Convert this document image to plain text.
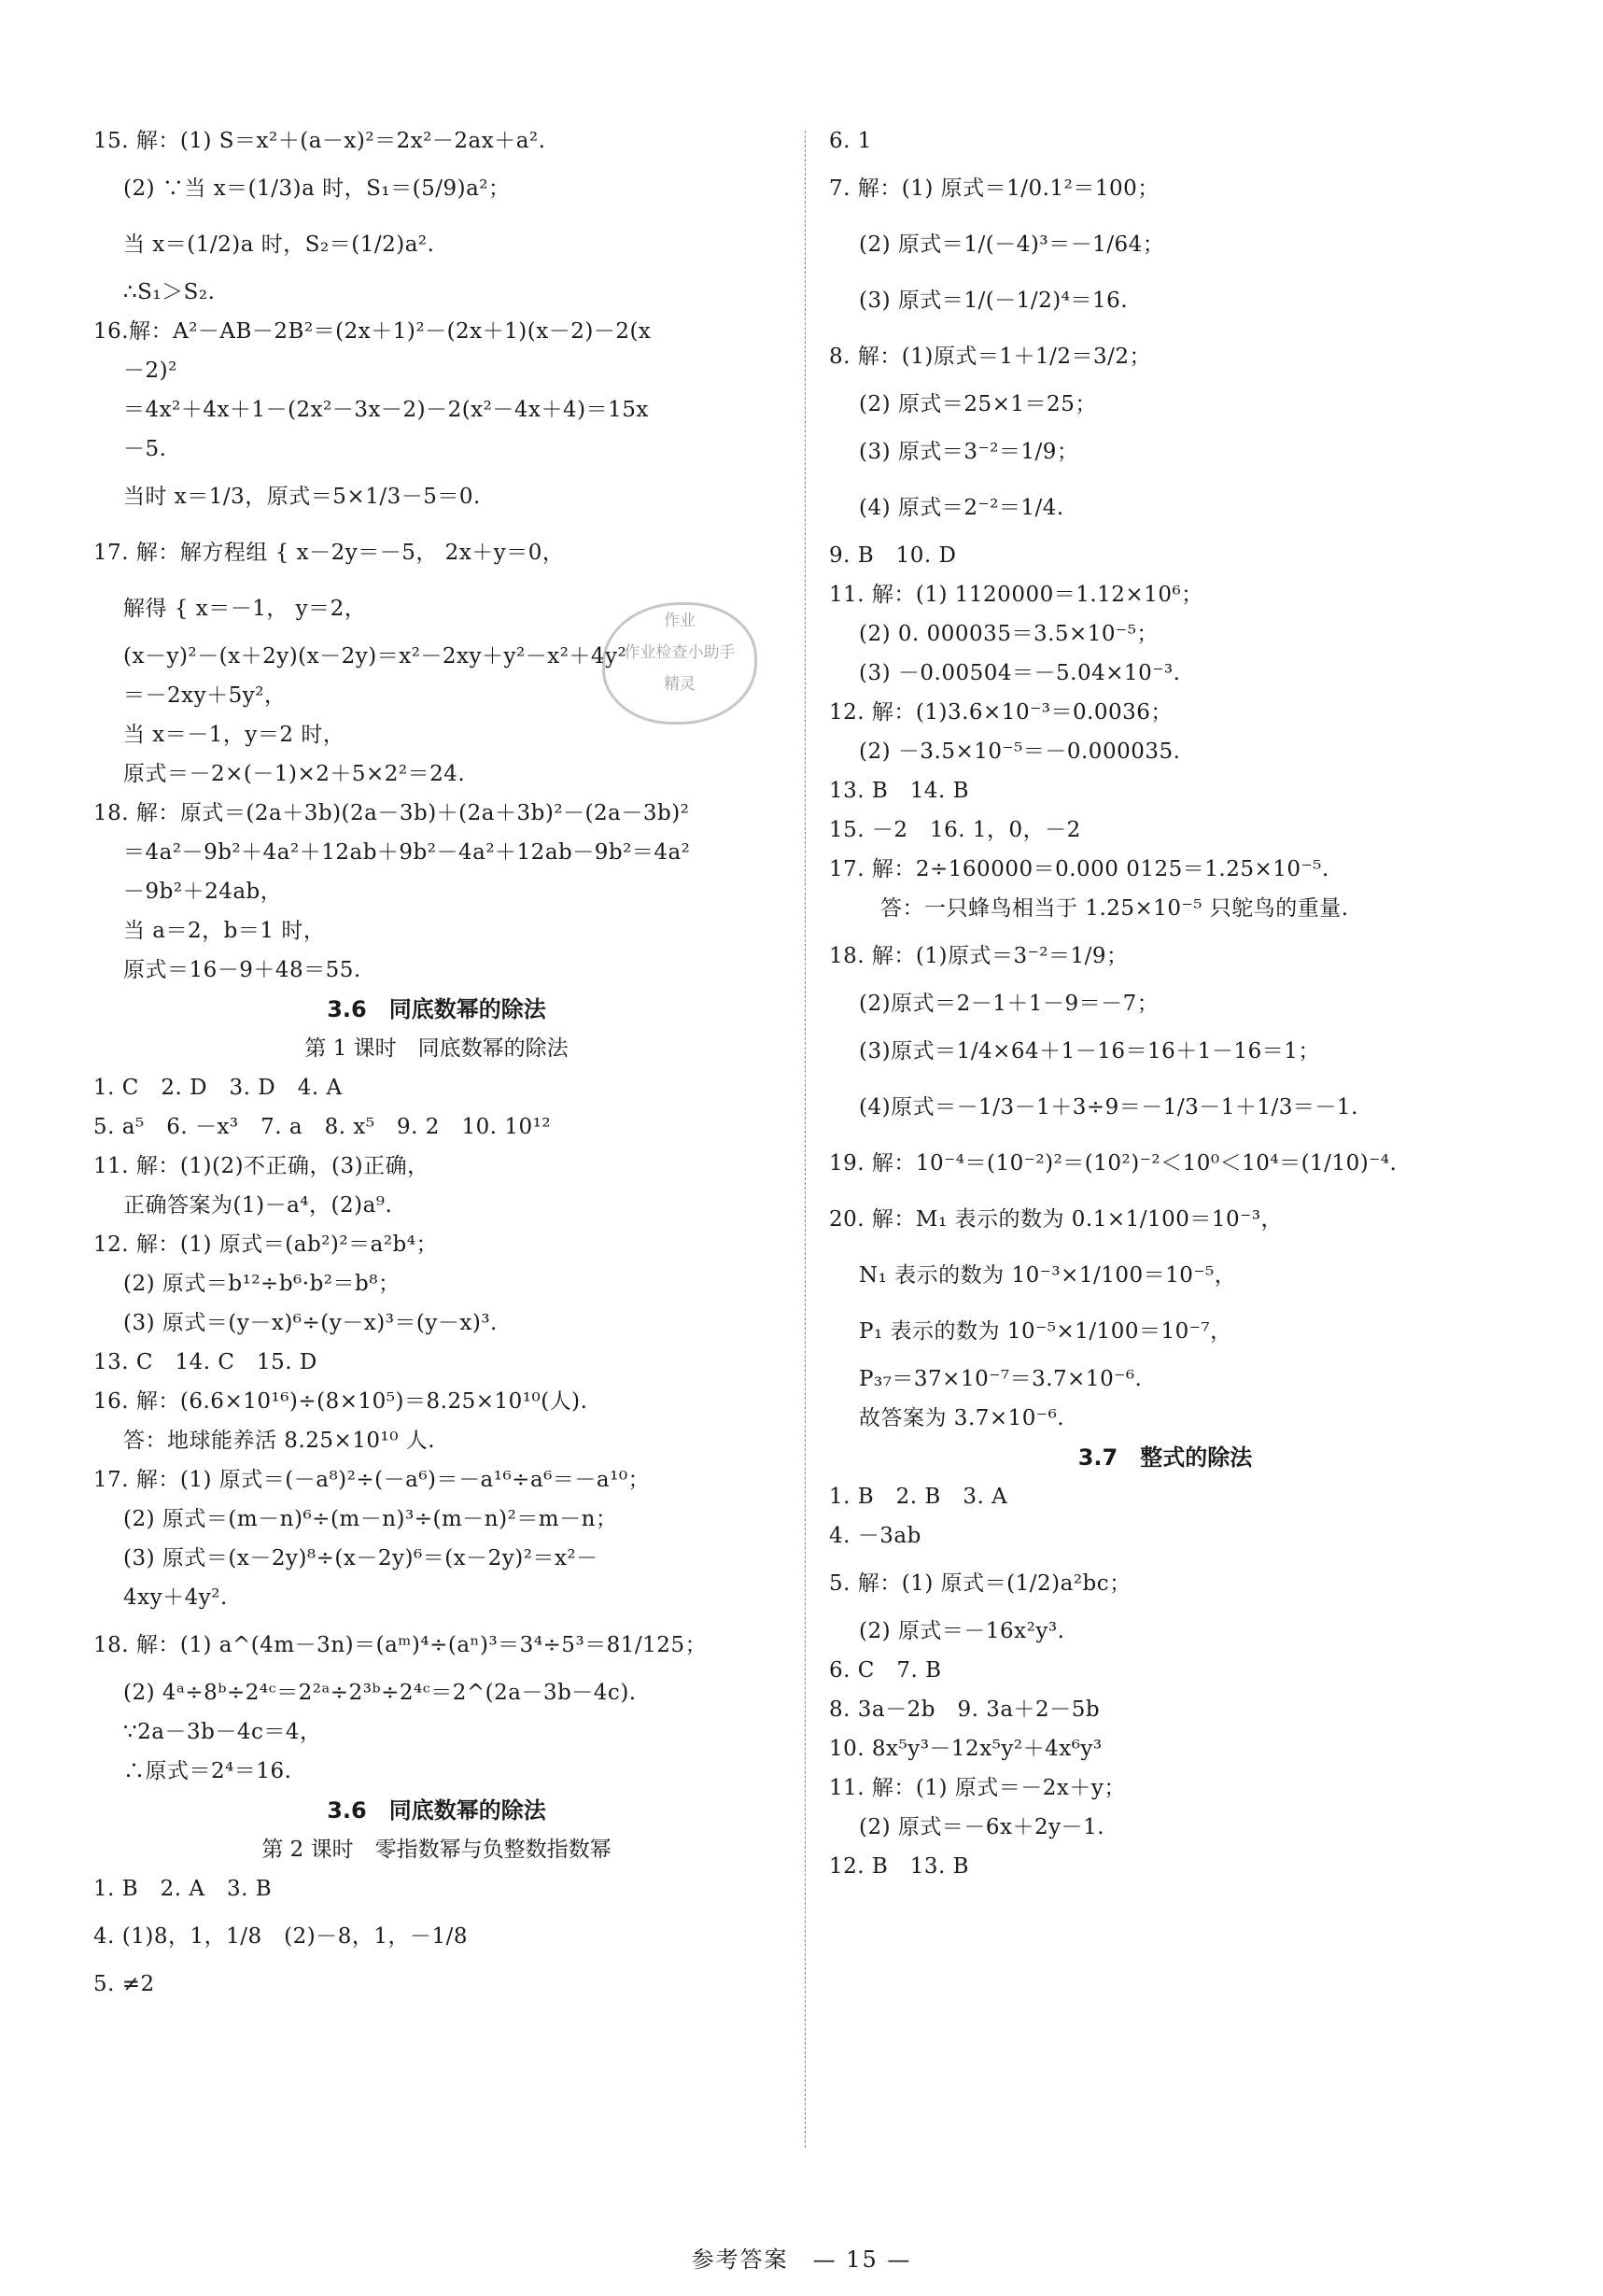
15. 解：(1) S＝x²＋(a－x)²＝2x²－2ax＋a².
(2) ∵当 x＝(1/3)a 时，S₁＝(5/9)a²；
当 x＝(1/2)a 时，S₂＝(1/2)a².
∴S₁＞S₂.
16.解：A²－AB－2B²＝(2x＋1)²－(2x＋1)(x－2)－2(x
－2)²
＝4x²＋4x＋1－(2x²－3x－2)－2(x²－4x＋4)＝15x
－5.
当时 x＝1/3，原式＝5×1/3－5＝0.
17. 解：解方程组 { x－2y＝－5， 2x＋y＝0，
解得 { x＝－1， y＝2，
(x－y)²－(x＋2y)(x－2y)＝x²－2xy＋y²－x²＋4y²
＝－2xy＋5y²，
当 x＝－1，y＝2 时，
原式＝－2×(－1)×2＋5×2²＝24.
18. 解：原式＝(2a＋3b)(2a－3b)＋(2a＋3b)²－(2a－3b)²
＝4a²－9b²＋4a²＋12ab＋9b²－4a²＋12ab－9b²＝4a²
－9b²＋24ab，
当 a＝2，b＝1 时，
原式＝16－9＋48＝55.
3.6　同底数幂的除法
第 1 课时　同底数幂的除法
1. C　2. D　3. D　4. A
5. a⁵　6. －x³　7. a　8. x⁵　9. 2　10. 10¹²
11. 解：(1)(2)不正确，(3)正确，
正确答案为(1)－a⁴，(2)a⁹.
12. 解：(1) 原式＝(ab²)²＝a²b⁴；
(2) 原式＝b¹²÷b⁶·b²＝b⁸；
(3) 原式＝(y－x)⁶÷(y－x)³＝(y－x)³.
13. C　14. C　15. D
16. 解：(6.6×10¹⁶)÷(8×10⁵)＝8.25×10¹⁰(人).
答：地球能养活 8.25×10¹⁰ 人.
17. 解：(1) 原式＝(－a⁸)²÷(－a⁶)＝－a¹⁶÷a⁶＝－a¹⁰；
(2) 原式＝(m－n)⁶÷(m－n)³÷(m－n)²＝m－n；
(3) 原式＝(x－2y)⁸÷(x－2y)⁶＝(x－2y)²＝x²－
4xy＋4y².
18. 解：(1) a^(4m－3n)＝(aᵐ)⁴÷(aⁿ)³＝3⁴÷5³＝81/125；
(2) 4ᵃ÷8ᵇ÷2⁴ᶜ＝2²ᵃ÷2³ᵇ÷2⁴ᶜ＝2^(2a－3b－4c).
∵2a－3b－4c＝4，
∴原式＝2⁴＝16.
3.6　同底数幂的除法
第 2 课时　零指数幂与负整数指数幂
1. B　2. A　3. B
4. (1)8，1，1/8　(2)－8，1，－1/8
5. ≠2
6. 1
7. 解：(1) 原式＝1/0.1²＝100；
(2) 原式＝1/(－4)³＝－1/64；
(3) 原式＝1/(－1/2)⁴＝16.
8. 解：(1)原式＝1＋1/2＝3/2；
(2) 原式＝25×1＝25；
(3) 原式＝3⁻²＝1/9；
(4) 原式＝2⁻²＝1/4.
9. B　10. D
11. 解：(1) 1120000＝1.12×10⁶；
(2) 0. 000035＝3.5×10⁻⁵；
(3) －0.00504＝－5.04×10⁻³.
12. 解：(1)3.6×10⁻³＝0.0036；
(2) －3.5×10⁻⁵＝－0.000035.
13. B　14. B
15. －2　16. 1，0，－2
17. 解：2÷160000＝0.000 0125＝1.25×10⁻⁵.
答：一只蜂鸟相当于 1.25×10⁻⁵ 只鸵鸟的重量.
18. 解：(1)原式＝3⁻²＝1/9；
(2)原式＝2－1＋1－9＝－7；
(3)原式＝1/4×64＋1－16＝16＋1－16＝1；
(4)原式＝－1/3－1＋3÷9＝－1/3－1＋1/3＝－1.
19. 解：10⁻⁴＝(10⁻²)²＝(10²)⁻²＜10⁰＜10⁴＝(1/10)⁻⁴.
20. 解：M₁ 表示的数为 0.1×1/100＝10⁻³，
N₁ 表示的数为 10⁻³×1/100＝10⁻⁵，
P₁ 表示的数为 10⁻⁵×1/100＝10⁻⁷，
P₃₇＝37×10⁻⁷＝3.7×10⁻⁶.
故答案为 3.7×10⁻⁶.
3.7　整式的除法
1. B　2. B　3. A
4. －3ab
5. 解：(1) 原式＝(1/2)a²bc；
(2) 原式＝－16x²y³.
6. C　7. B
8. 3a－2b　9. 3a＋2－5b
10. 8x⁵y³－12x⁵y²＋4x⁶y³
11. 解：(1) 原式＝－2x＋y；
(2) 原式＝－6x＋2y－1.
12. B　13. B
作业
作业检查小助手
精灵
参考答案　— 15 —
